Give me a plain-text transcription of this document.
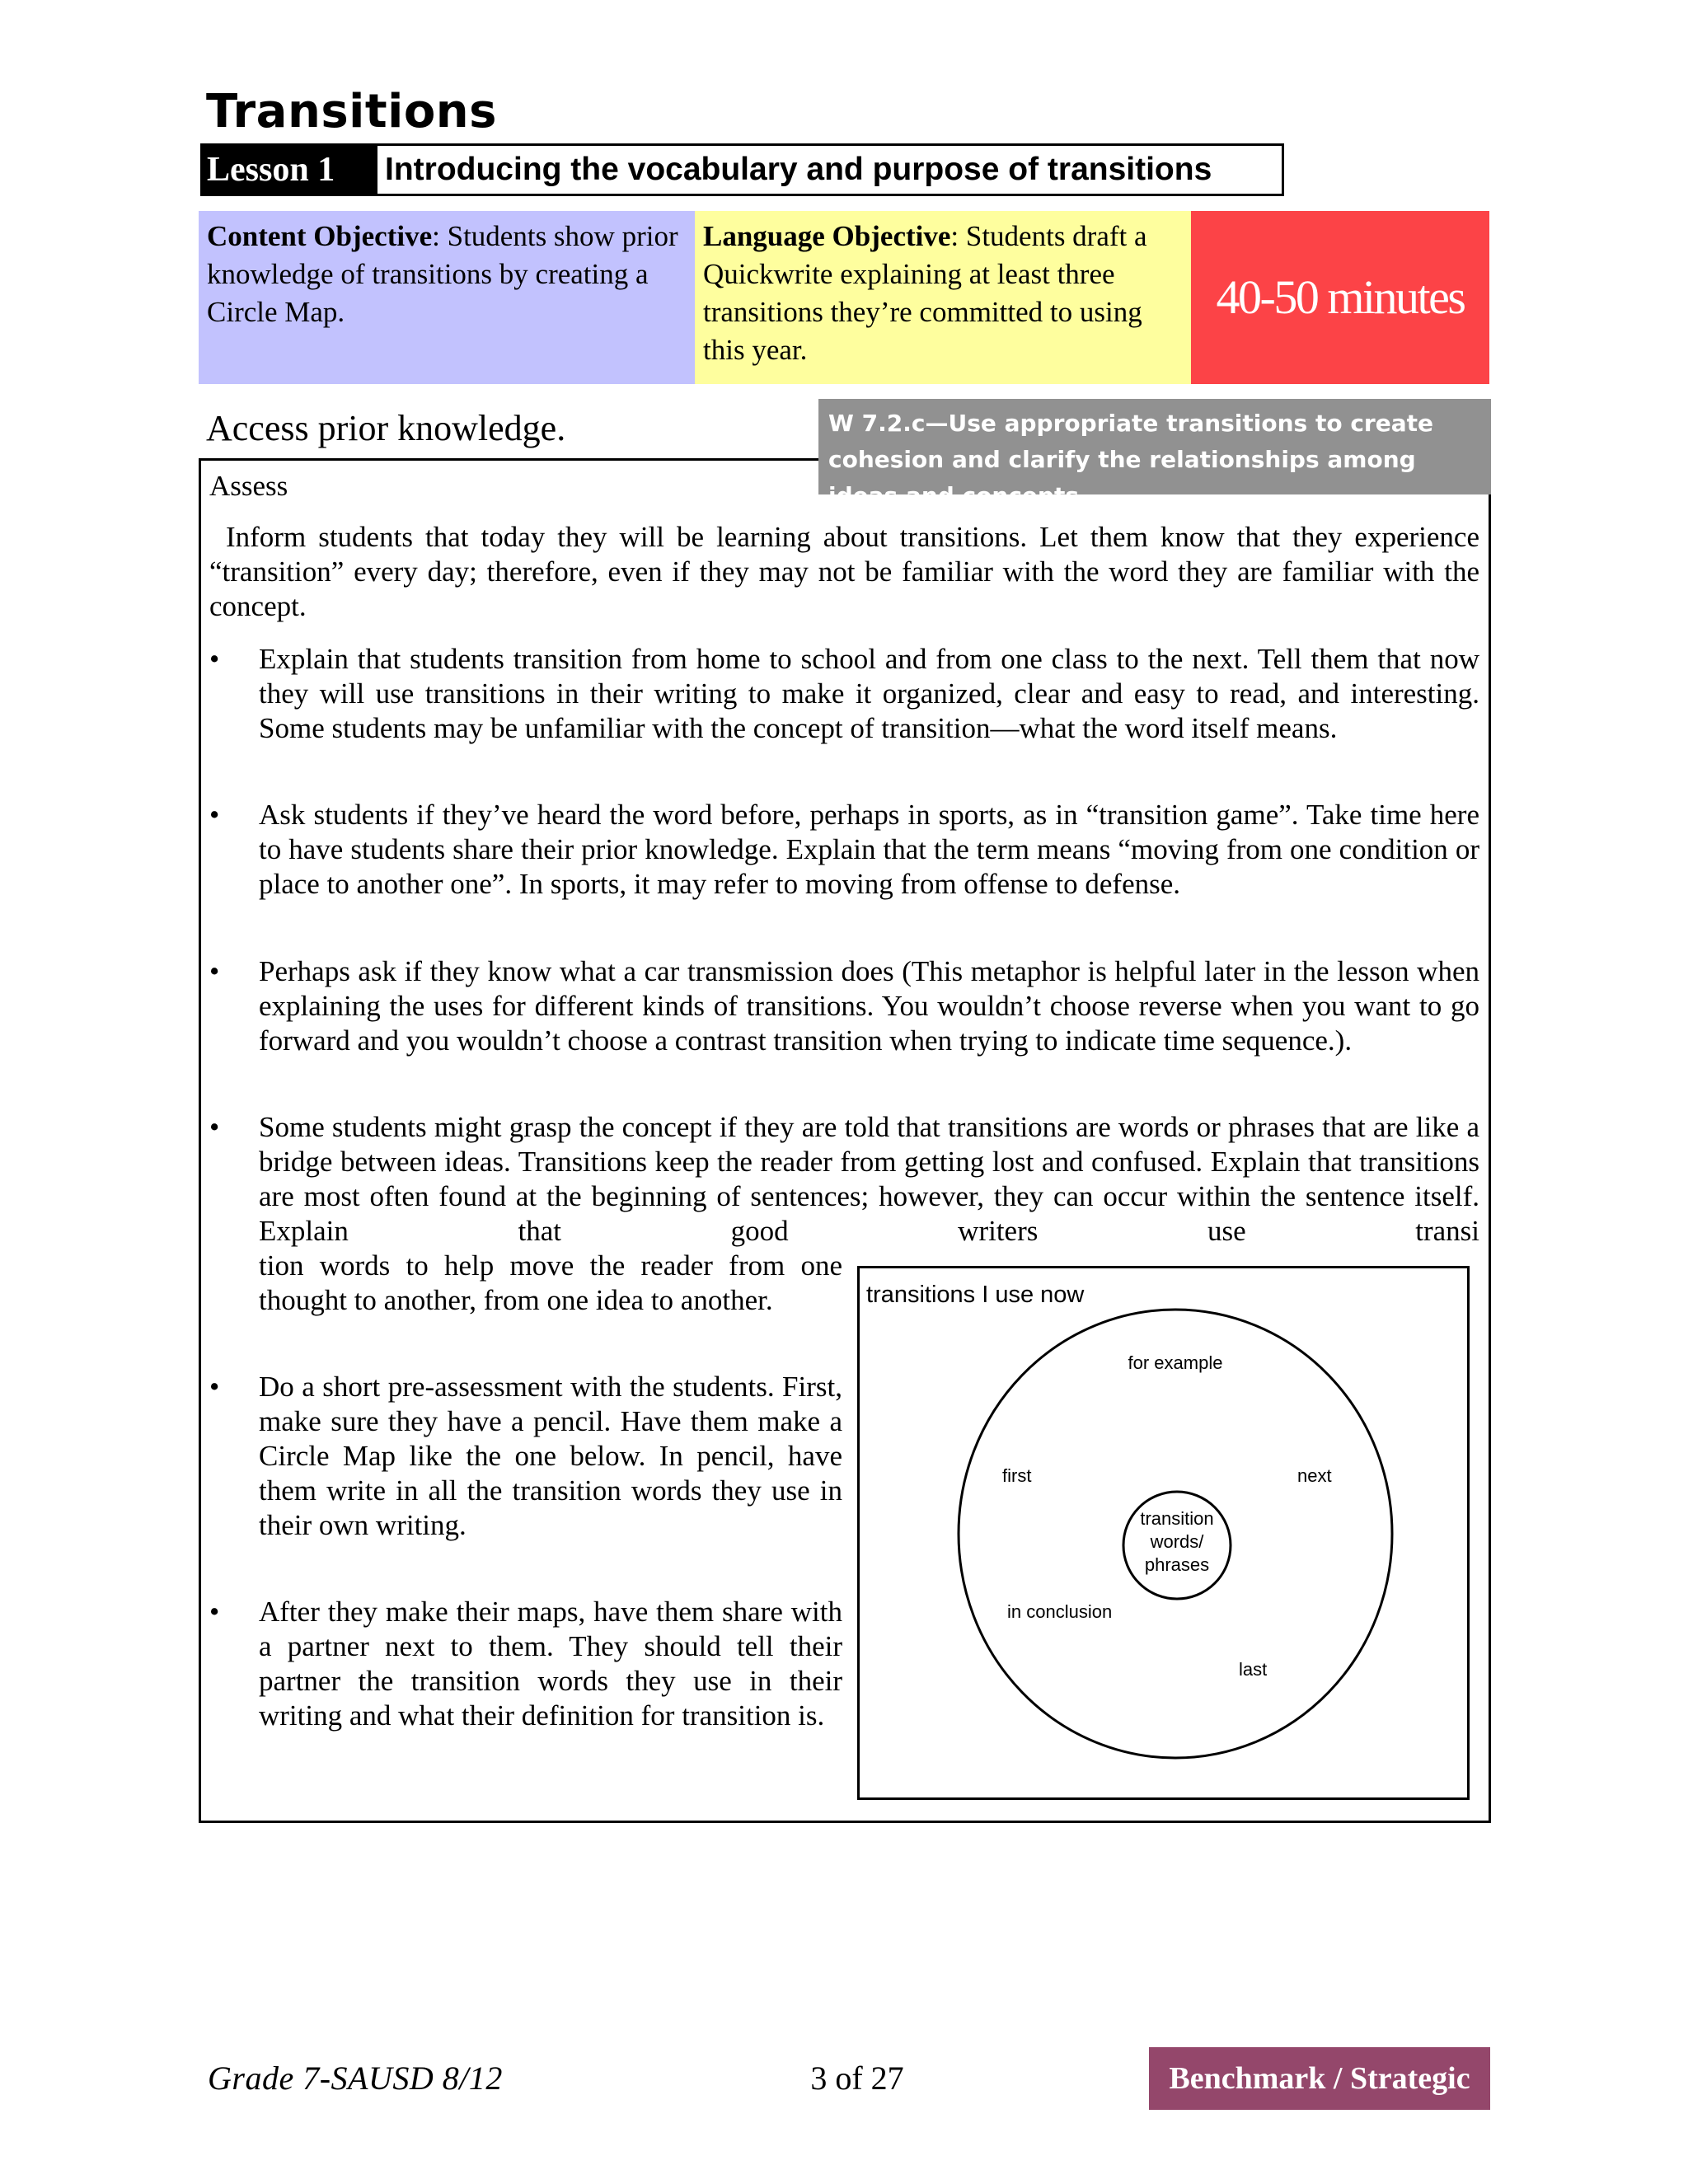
Transitions
Lesson 1	Introducing the vocabulary and purpose of transitions
Content Objective: Students show prior knowledge of transitions by creating a Circle Map.
Language Objective: Students draft a Quickwrite explaining at least three transitions they’re committed to using this year.
40-50 minutes
Access prior knowledge.	W 7.2.c—Use appropriate transitions to create cohesion and clarify the relationships among ideas and concepts.
Assess
Inform students that today they will be learning about transitions. Let them know that they experience “transition” every day; therefore, even if they may not be familiar with the word they are familiar with the concept.
• Explain that students transition from home to school and from one class to the next. Tell them that now they will use transitions in their writing to make it organized, clear and easy to read, and interesting. Some students may be unfamiliar with the concept of transition—what the word itself means.
• Ask students if they’ve heard the word before, perhaps in sports, as in “transition game”. Take time here to have students share their prior knowledge. Explain that the term means “moving from one condition or place to another one”. In sports, it may refer to moving from offense to defense.
• Perhaps ask if they know what a car transmission does (This metaphor is helpful later in the lesson when explaining the uses for different kinds of transitions. You wouldn’t choose reverse when you want to go forward and you wouldn’t choose a contrast transition when trying to indicate time sequence.).
• Some students might grasp the concept if they are told that transitions are words or phrases that are like a bridge between ideas. Transitions keep the reader from getting lost and confused. Explain that transitions are most often found at the beginning of sentences; however, they can occur within the sentence itself. Explain that good writers use transi
tion words to help move the reader from one thought to another, from one idea to another.
• Do a short pre-assessment with the students. First, make sure they have a pencil. Have them make a Circle Map like the one below. In pencil, have them write in all the transition words they use in their own writing.
• After they make their maps, have them share with a partner next to them. They should tell their partner the transition words they use in their writing and what their definition for transition is.
transitions I use now
transition
words/
phrases
for example
first	next
in conclusion
last
Grade 7-SAUSD 8/12	3 of 27	Benchmark / Strategic
